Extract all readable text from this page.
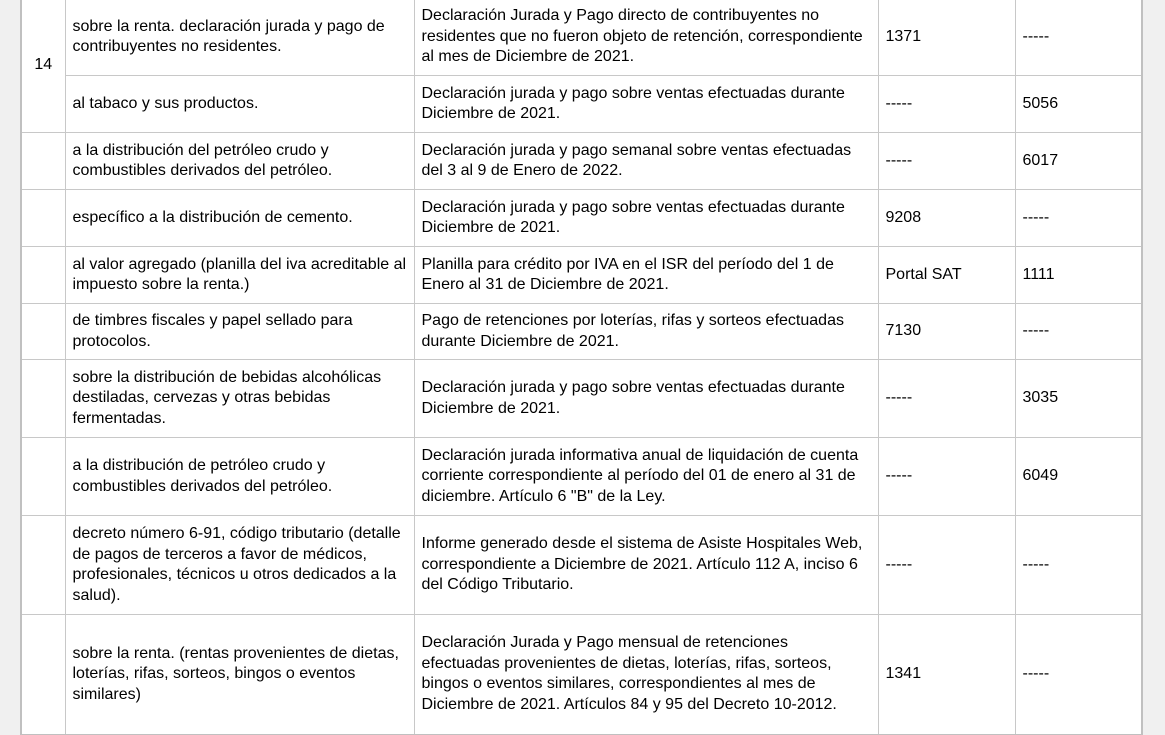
14	sobre la renta. declaración jurada y pago de contribuyentes no residentes.	Declaración Jurada y Pago directo de contribuyentes no residentes que no fueron objeto de retención, correspondiente al mes de Diciembre de 2021.	1371	-----
	al tabaco y sus productos.	Declaración jurada y pago sobre ventas efectuadas durante Diciembre de 2021.	-----	5056
	a la distribución del petróleo crudo y combustibles derivados del petróleo.	Declaración jurada y pago semanal sobre ventas efectuadas del 3 al 9 de Enero de 2022.	-----	6017
	específico a la distribución de cemento.	Declaración jurada y pago sobre ventas efectuadas durante Diciembre de 2021.	9208	-----
	al valor agregado (planilla del iva acreditable al impuesto sobre la renta.)	Planilla para crédito por IVA en el ISR del período del 1 de Enero al 31 de Diciembre de 2021.	Portal SAT	1111
	de timbres fiscales y papel sellado para protocolos.	Pago de retenciones por loterías, rifas y sorteos efectuadas durante Diciembre de 2021.	7130	-----
	sobre la distribución de bebidas alcohólicas destiladas, cervezas y otras bebidas fermentadas.	Declaración jurada y pago sobre ventas efectuadas durante Diciembre de 2021.	-----	3035
	a la distribución de petróleo crudo y combustibles derivados del petróleo.	Declaración jurada informativa anual de liquidación de cuenta corriente correspondiente al período del 01 de enero al 31 de diciembre. Artículo 6 "B" de la Ley.	-----	6049
	decreto número 6-91, código tributario (detalle de pagos de terceros a favor de médicos, profesionales, técnicos u otros dedicados a la salud).	Informe generado desde el sistema de Asiste Hospitales Web, correspondiente a Diciembre de 2021. Artículo 112 A, inciso 6 del Código Tributario.	-----	-----
	sobre la renta. (rentas provenientes de dietas, loterías, rifas, sorteos, bingos o eventos similares)	Declaración Jurada y Pago mensual de retenciones efectuadas provenientes de dietas, loterías, rifas, sorteos, bingos o eventos similares, correspondientes al mes de Diciembre de 2021. Artículos 84 y 95 del Decreto 10-2012.	1341	-----
